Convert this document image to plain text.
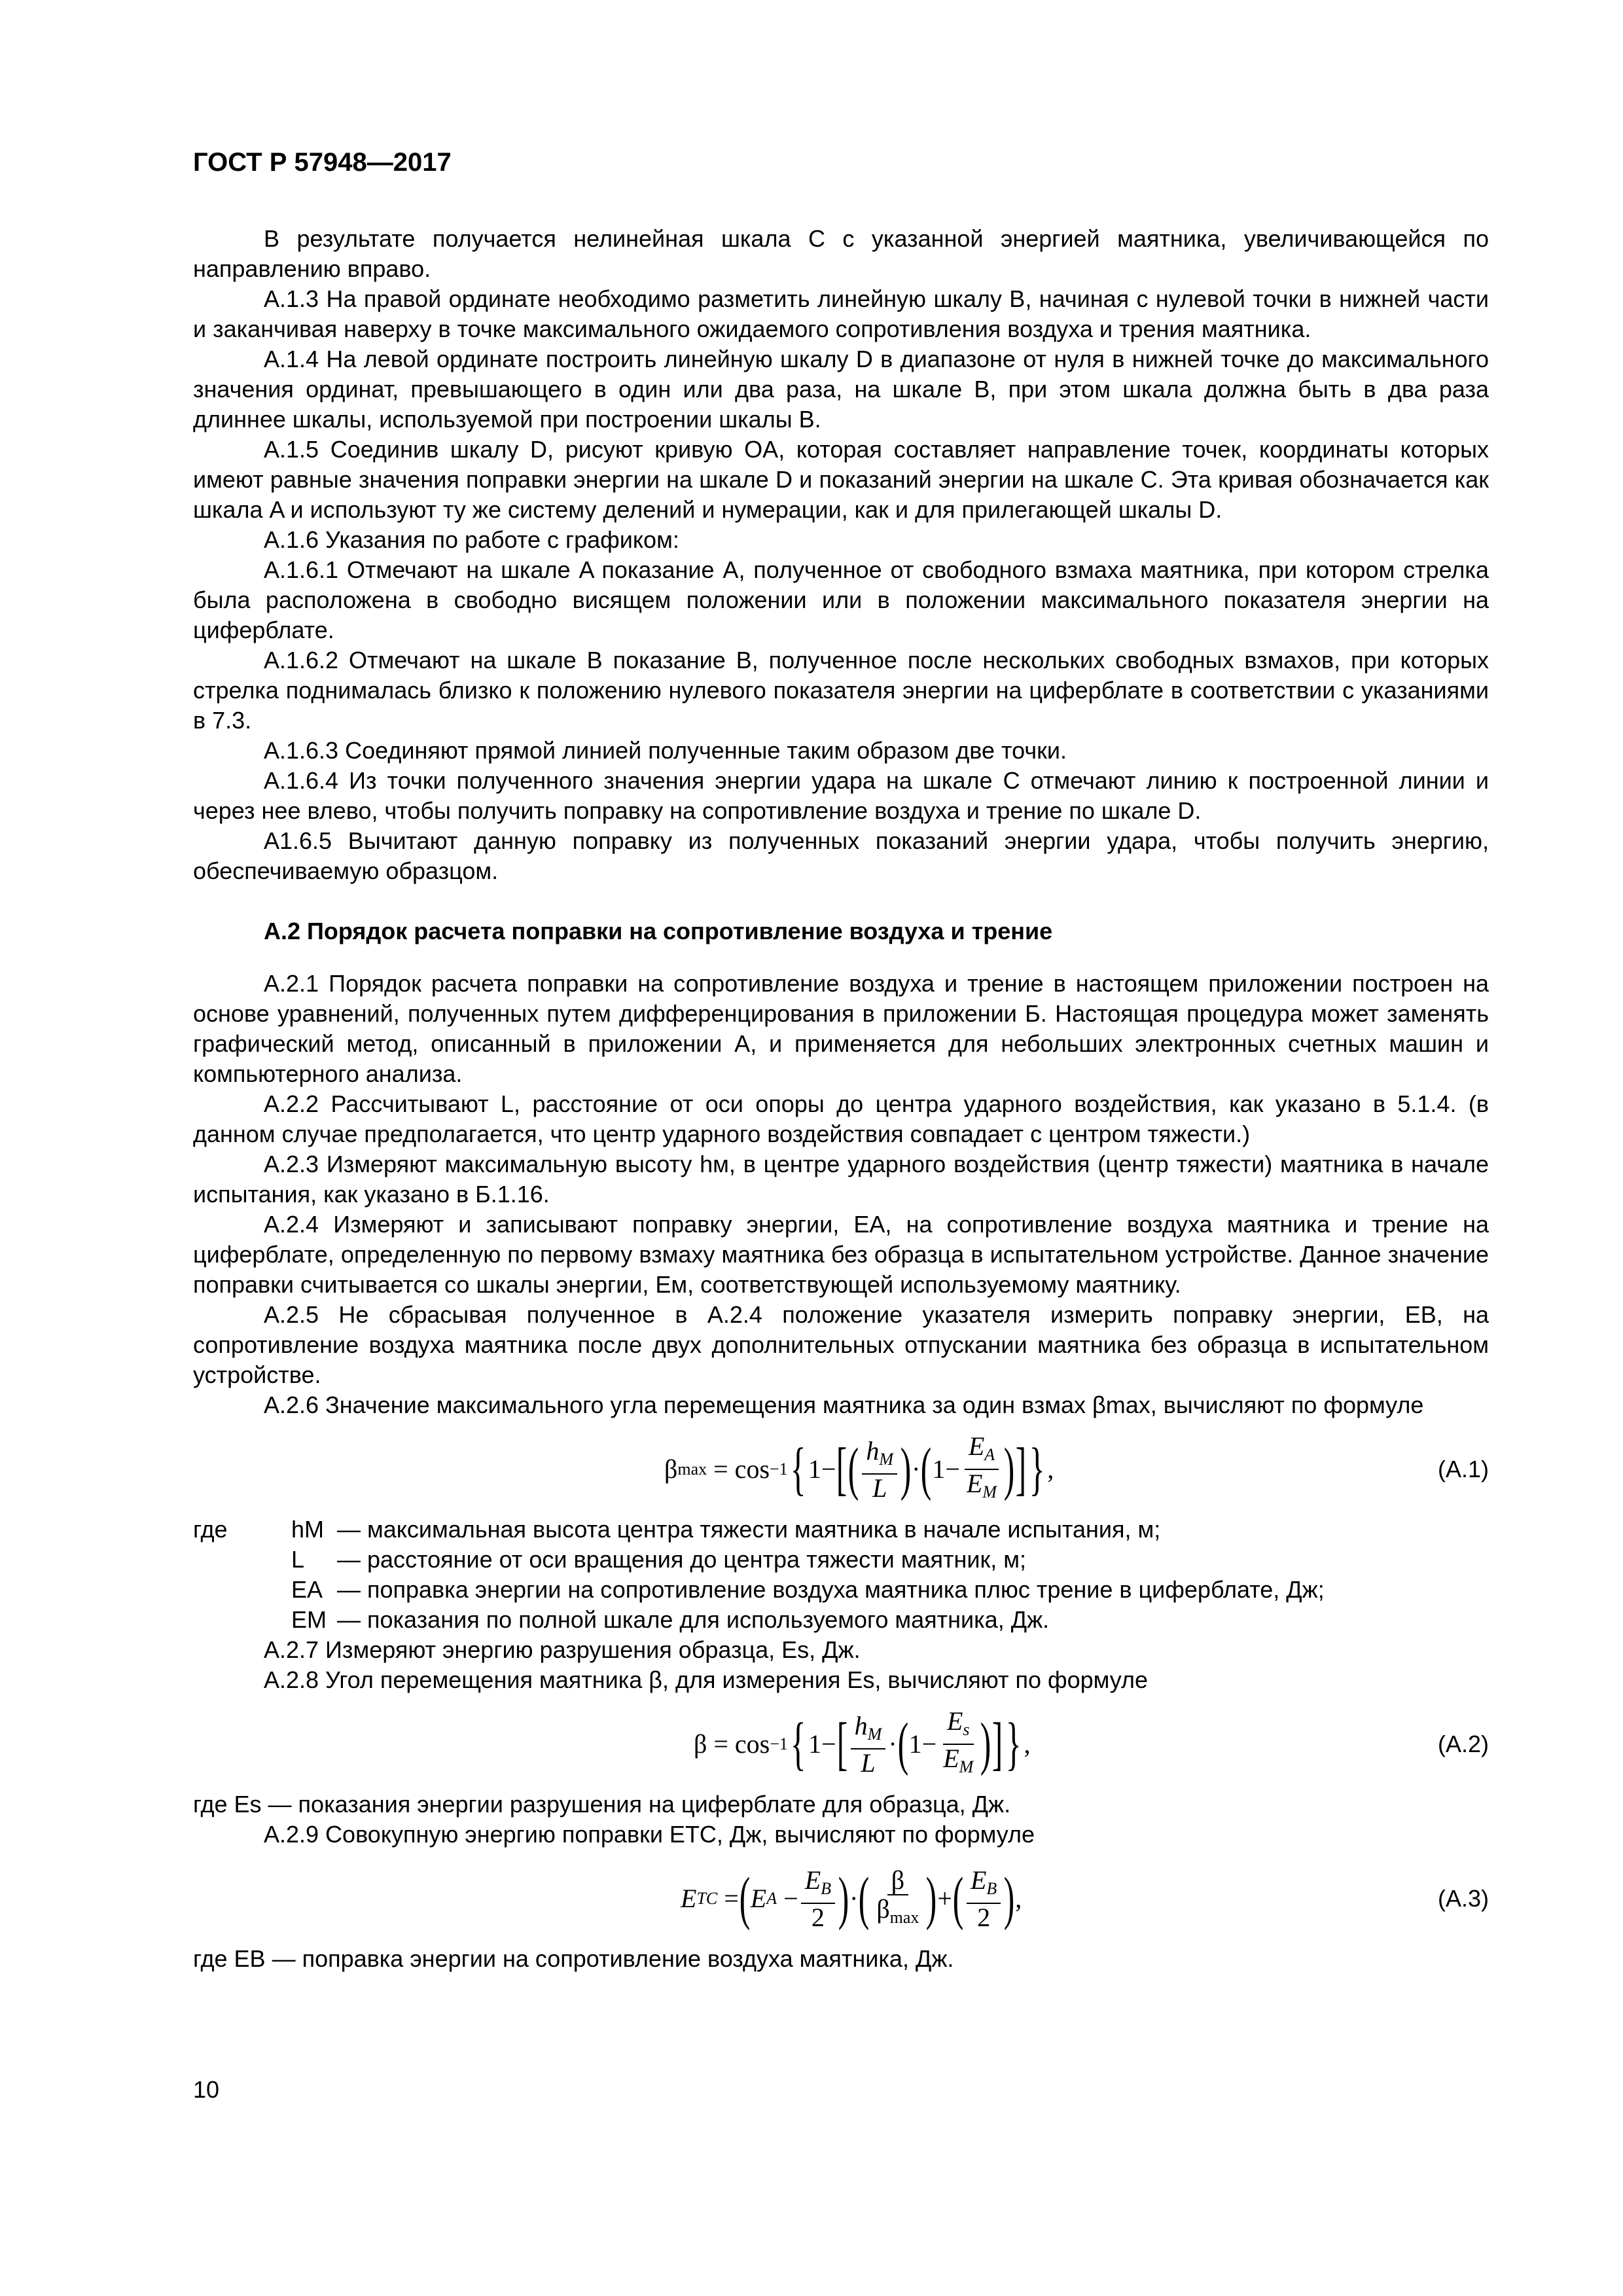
ГОСТ Р 57948—2017

В результате получается нелинейная шкала С с указанной энергией маятника, увеличивающейся по направлению вправо.

А.1.3 На правой ординате необходимо разметить линейную шкалу B, начиная с нулевой точки в нижней части и заканчивая наверху в точке максимального ожидаемого сопротивления воздуха и трения маятника.

А.1.4 На левой ординате построить линейную шкалу D в диапазоне от нуля в нижней точке до максимального значения ординат, превышающего в один или два раза, на шкале B, при этом шкала должна быть в два раза длиннее шкалы, используемой при построении шкалы B.

А.1.5 Соединив шкалу D, рисуют кривую OA, которая составляет направление точек, координаты которых имеют равные значения поправки энергии на шкале D и показаний энергии на шкале C. Эта кривая обозначается как шкала A и используют ту же систему делений и нумерации, как и для прилегающей шкалы D.

А.1.6 Указания по работе с графиком:

А.1.6.1 Отмечают на шкале A показание A, полученное от свободного взмаха маятника, при котором стрелка была расположена в свободно висящем положении или в положении максимального показателя энергии на циферблате.

А.1.6.2 Отмечают на шкале B показание B, полученное после нескольких свободных взмахов, при которых стрелка поднималась близко к положению нулевого показателя энергии на циферблате в соответствии с указаниями в 7.3.

А.1.6.3 Соединяют прямой линией полученные таким образом две точки.

А.1.6.4 Из точки полученного значения энергии удара на шкале C отмечают линию к построенной линии и через нее влево, чтобы получить поправку на сопротивление воздуха и трение по шкале D.

А1.6.5 Вычитают данную поправку из полученных показаний энергии удара, чтобы получить энергию, обеспечиваемую образцом.

А.2 Порядок расчета поправки на сопротивление воздуха и трение

А.2.1 Порядок расчета поправки на сопротивление воздуха и трение в настоящем приложении построен на основе уравнений, полученных путем дифференцирования в приложении Б. Настоящая процедура может заменять графический метод, описанный в приложении А, и применяется для небольших электронных счетных машин и компьютерного анализа.

А.2.2 Рассчитывают L, расстояние от оси опоры до центра ударного воздействия, как указано в 5.1.4. (в данном случае предполагается, что центр ударного воздействия совпадает с центром тяжести.)

А.2.3 Измеряют максимальную высоту hм, в центре ударного воздействия (центр тяжести) маятника в начале испытания, как указано в Б.1.16.

А.2.4 Измеряют и записывают поправку энергии, EA, на сопротивление воздуха маятника и трение на циферблате, определенную по первому взмаху маятника без образца в испытательном устройстве. Данное значение поправки считывается со шкалы энергии, Eм, соответствующей используемому маятнику.

А.2.5 Не сбрасывая полученное в А.2.4 положение указателя измерить поправку энергии, EB, на сопротивление воздуха маятника после двух дополнительных отпускании маятника без образца в испытательном устройстве.

А.2.6 Значение максимального угла перемещения маятника за один взмах βmax, вычисляют по формуле

β max = cos −1 { 1− [ ( $\frac{h_M}{L}$ ) · ( $1- \frac{E_A}{E_M}$ ) ] } ,	(А.1)
где	hM — максимальная высота центра тяжести маятника в начале испытания, м;
L	— расстояние от оси вращения до центра тяжести маятник, м;
EA — поправка энергии на сопротивление воздуха маятника плюс трение в циферблате, Дж;
EM — показания по полной шкале для используемого маятника, Дж.

А.2.7 Измеряют энергию разрушения образца, Es, Дж.

А.2.8 Угол перемещения маятника β, для измерения Es, вычисляют по формуле

β = cos −1 { 1− [ $\frac{h_M}{L}$ · ( $1- \frac{E_s}{E_M}$ ) ] } ,	(А.2)

где Es — показания энергии разрушения на циферблате для образца, Дж.

А.2.9 Совокупную энергию поправки ETC, Дж, вычисляют по формуле

E TC = ( E $A - \frac{E_B}{2}$ ) · ( $\frac{\beta}{\beta_{max}}$ ) + ( $\frac{E_B}{2}$ ) ,	(А.3)

где EB — поправка энергии на сопротивление воздуха маятника, Дж.

10
